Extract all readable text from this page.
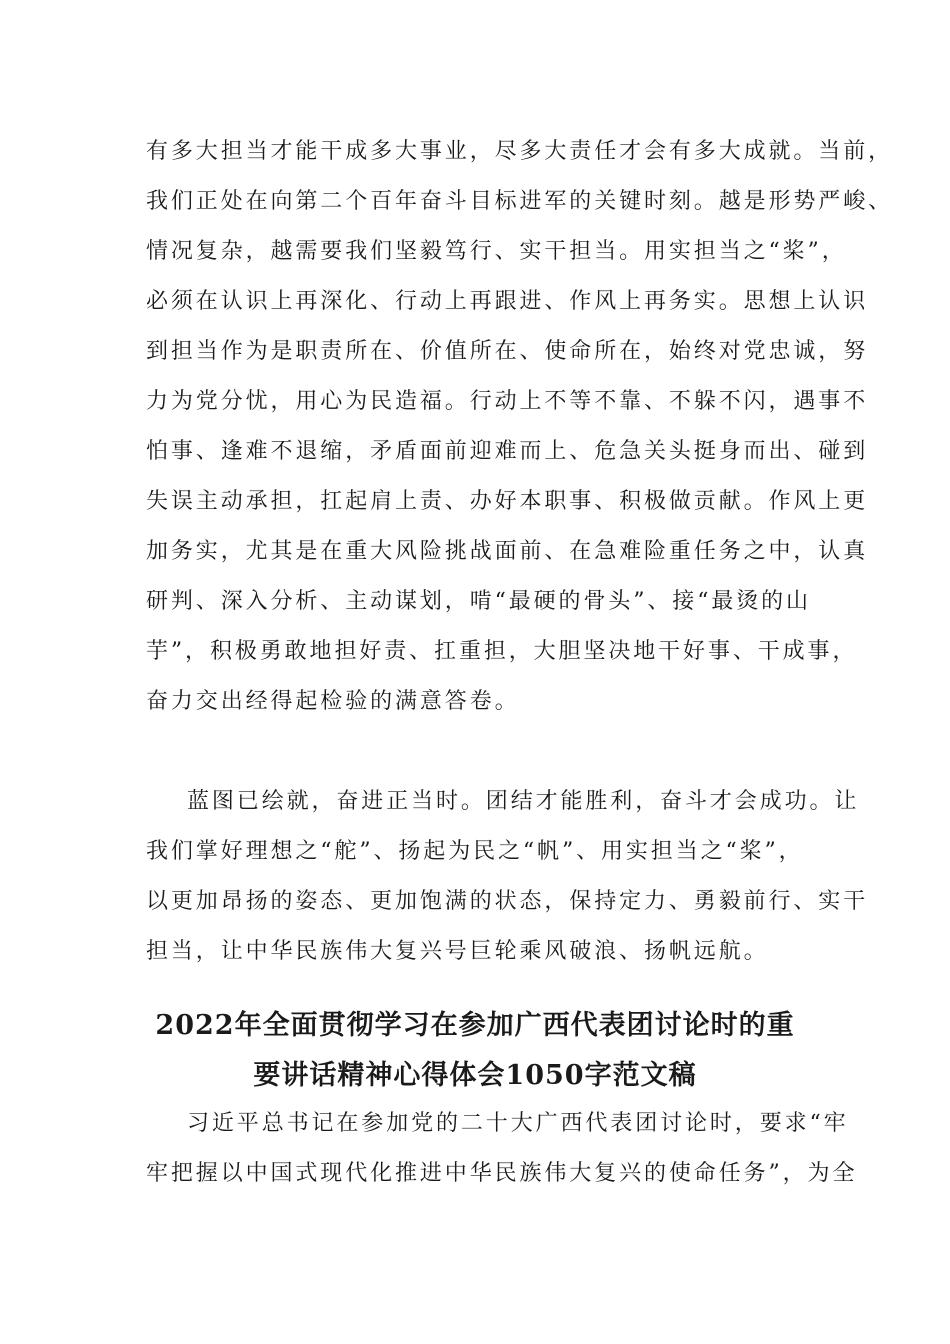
有多大担当才能干成多大事业，尽多大责任才会有多大成就。当前，
我们正处在向第二个百年奋斗目标进军的关键时刻。越是形势严峻、
情况复杂，越需要我们坚毅笃行、实干担当。用实担当之“桨”，
必须在认识上再深化、行动上再跟进、作风上再务实。思想上认识
到担当作为是职责所在、价值所在、使命所在，始终对党忠诚，努
力为党分忧，用心为民造福。行动上不等不靠、不躲不闪，遇事不
怕事、逢难不退缩，矛盾面前迎难而上、危急关头挺身而出、碰到
失误主动承担，扛起肩上责、办好本职事、积极做贡献。作风上更
加务实，尤其是在重大风险挑战面前、在急难险重任务之中，认真
研判、深入分析、主动谋划，啃“最硬的骨头”、接“最烫的山
芋”，积极勇敢地担好责、扛重担，大胆坚决地干好事、干成事，
奋力交出经得起检验的满意答卷。
蓝图已绘就，奋进正当时。团结才能胜利，奋斗才会成功。让
我们掌好理想之“舵”、扬起为民之“帆”、用实担当之“桨”，
以更加昂扬的姿态、更加饱满的状态，保持定力、勇毅前行、实干
担当，让中华民族伟大复兴号巨轮乘风破浪、扬帆远航。
2022年全面贯彻学习在参加广西代表团讨论时的重
要讲话精神心得体会1050字范文稿
习近平总书记在参加党的二十大广西代表团讨论时，要求“牢
牢把握以中国式现代化推进中华民族伟大复兴的使命任务”，为全
